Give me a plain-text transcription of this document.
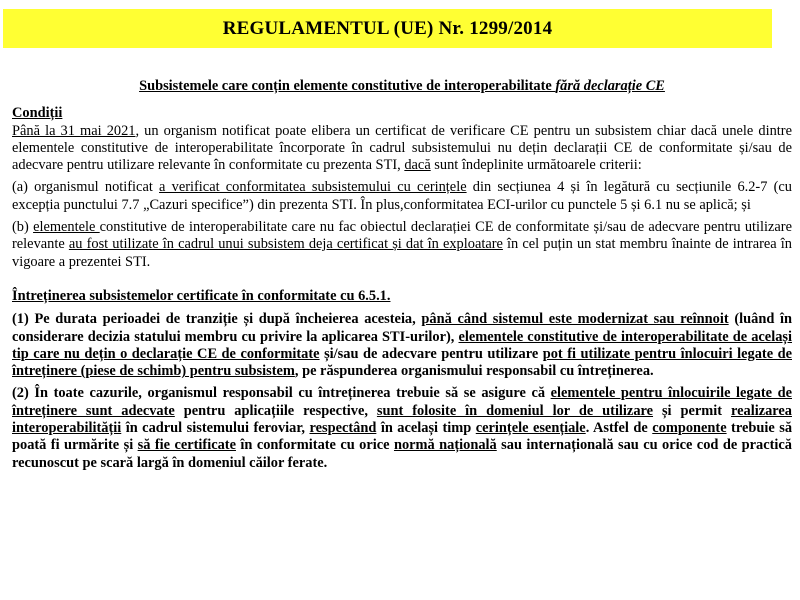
REGULAMENTUL (UE) Nr. 1299/2014

Subsistemele care conțin elemente constitutive de interoperabilitate fără declarație CE

Condiții

Până la 31 mai 2021, un organism notificat poate elibera un certificat de verificare CE pentru un subsistem chiar dacă unele dintre elementele constitutive de interoperabilitate încorporate în cadrul subsistemului nu dețin declarații CE de conformitate și/sau de adecvare pentru utilizare relevante în conformitate cu prezenta STI, dacă sunt îndeplinite următoarele criterii:

(a) organismul notificat a verificat conformitatea subsistemului cu cerințele din secțiunea 4 și în legătură cu secțiunile 6.2-7 (cu excepția punctului 7.7 „Cazuri specifice”) din prezenta STI. În plus,conformitatea ECI-urilor cu punctele 5 și 6.1 nu se aplică; și

(b) elementele constitutive de interoperabilitate care nu fac obiectul declarației CE de conformitate și/sau de adecvare pentru utilizare relevante au fost utilizate în cadrul unui subsistem deja certificat și dat în exploatare în cel puțin un stat membru înainte de intrarea în vigoare a prezentei STI.

Întreținerea subsistemelor certificate în conformitate cu 6.5.1.

(1) Pe durata perioadei de tranziție și după încheierea acesteia, până când sistemul este modernizat sau reînnoit (luând în considerare decizia statului membru cu privire la aplicarea STI-urilor), elementele constitutive de interoperabilitate de același tip care nu dețin o declarație CE de conformitate și/sau de adecvare pentru utilizare pot fi utilizate pentru înlocuiri legate de întreținere (piese de schimb) pentru subsistem, pe răspunderea organismului responsabil cu întreținerea.

(2) În toate cazurile, organismul responsabil cu întreținerea trebuie să se asigure că elementele pentru înlocuirile legate de întreținere sunt adecvate pentru aplicațiile respective, sunt folosite în domeniul lor de utilizare și permit realizarea interoperabilității în cadrul sistemului feroviar, respectând în același timp cerințele esențiale. Astfel de componente trebuie să poată fi urmărite și să fie certificate în conformitate cu orice normă națională sau internațională sau cu orice cod de practică recunoscut pe scară largă în domeniul căilor ferate.
